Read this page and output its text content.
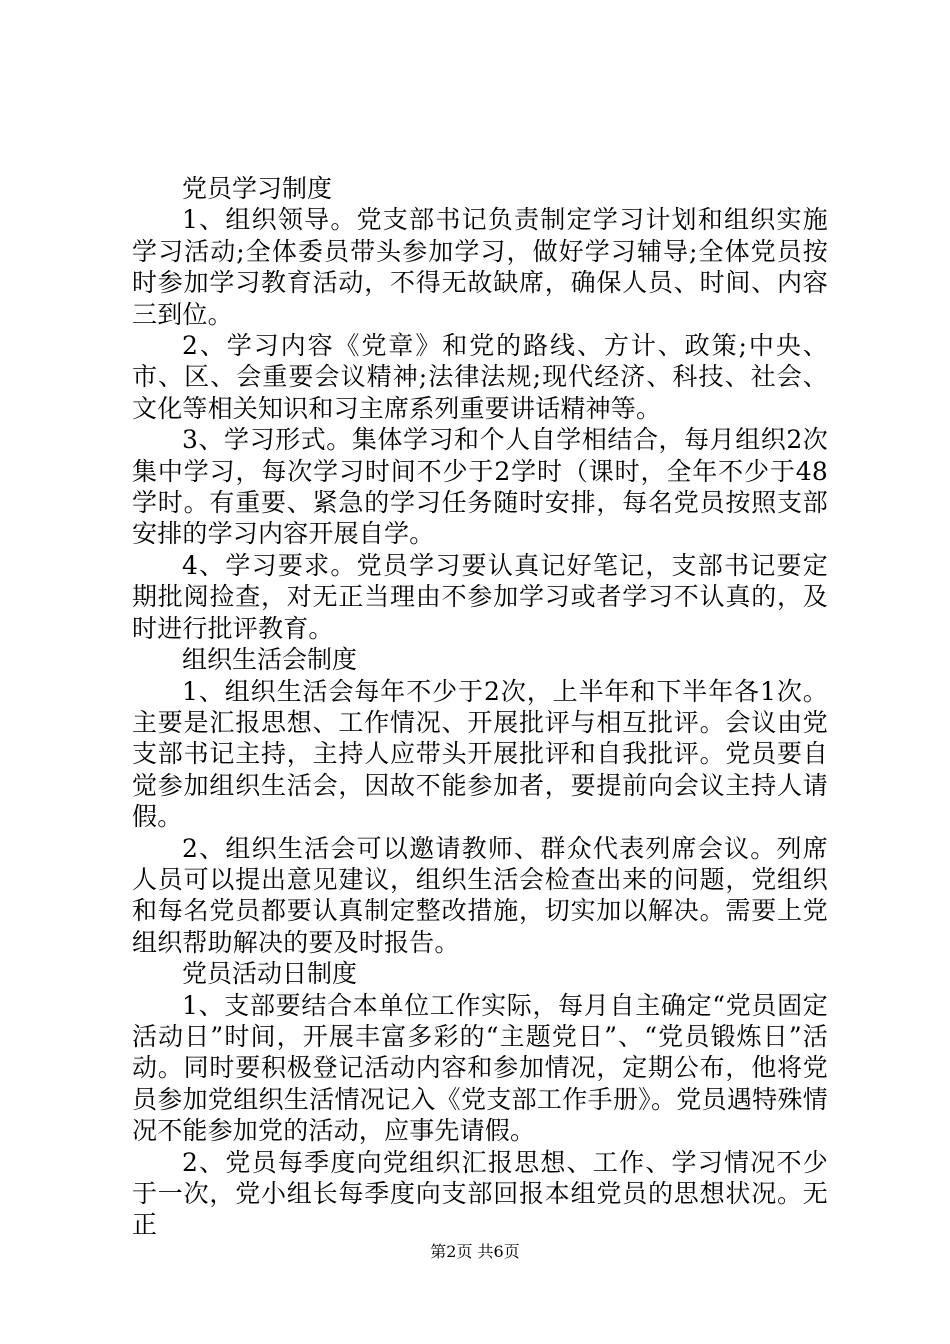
党员学习制度

1、组织领导。党支部书记负责制定学习计划和组织实施学习活动;全体委员带头参加学习，做好学习辅导;全体党员按时参加学习教育活动，不得无故缺席，确保人员、时间、内容三到位。

2、学习内容《党章》和党的路线、方计、政策;中央、市、区、会重要会议精神;法律法规;现代经济、科技、社会、文化等相关知识和习主席系列重要讲话精神等。

3、学习形式。集体学习和个人自学相结合，每月组织2次集中学习，每次学习时间不少于2学时（课时，全年不少于48学时。有重要、紧急的学习任务随时安排，每名党员按照支部安排的学习内容开展自学。

4、学习要求。党员学习要认真记好笔记，支部书记要定期批阅捡查，对无正当理由不参加学习或者学习不认真的，及时进行批评教育。

组织生活会制度

1、组织生活会每年不少于2次，上半年和下半年各1次。主要是汇报思想、工作情况、开展批评与相互批评。会议由党支部书记主持，主持人应带头开展批评和自我批评。党员要自觉参加组织生活会，因故不能参加者，要提前向会议主持人请假。

2、组织生活会可以邀请教师、群众代表列席会议。列席人员可以提出意见建议，组织生活会检查出来的问题，党组织和每名党员都要认真制定整改措施，切实加以解决。需要上党组织帮助解决的要及时报告。

党员活动日制度

1、支部要结合本单位工作实际，每月自主确定“党员固定活动日”时间，开展丰富多彩的“主题党日”、“党员锻炼日”活动。同时要积极登记活动内容和参加情况，定期公布，他将党员参加党组织生活情况记入《党支部工作手册》。党员遇特殊情况不能参加党的活动，应事先请假。

2、党员每季度向党组织汇报思想、工作、学习情况不少于一次，党小组长每季度向支部回报本组党员的思想状况。无正

第2页 共6页
